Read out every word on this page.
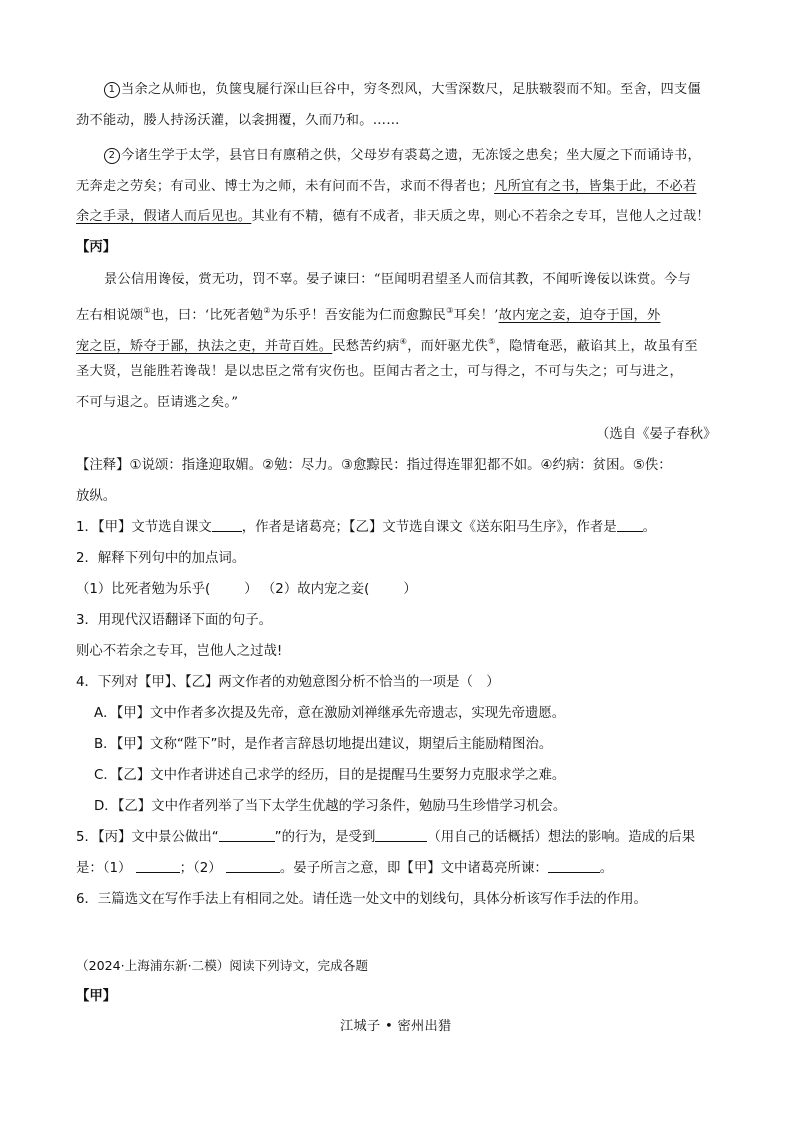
1 当余之从师也，负箧曳屣行深山巨谷中，穷冬烈风，大雪深数尺，足肤皲裂而不知。至舍，四支僵
劲不能动，媵人持汤沃灌，以衾拥覆，久而乃和。……
2 今诸生学于太学，县官日有廪稍之供，父母岁有裘葛之遗，无冻馁之患矣；坐大厦之下而诵诗书，
无奔走之劳矣；有司业、博士为之师，未有问而不告，求而不得者也；凡所宜有之书，皆集于此，不必若
余之手录，假诸人而后见也。其业有不精，德有不成者，非天质之卑，则心不若余之专耳，岂他人之过哉！
【丙】
景公信用谗佞，赏无功，罚不辜。晏子谏曰：“臣闻明君望圣人而信其教，不闻听谗佞以诛赏。今与
左右相说颂①也，曰：‘比死者勉②为乐乎！吾安能为仁而愈黥民③耳矣！’故内宠之妾，迫夺于国，外
宠之臣，矫夺于鄙，执法之吏，并苛百姓。民愁苦约病④，而奸驱尤佚⑤，隐情奄恶，蔽谄其上，故虽有至
圣大贤，岂能胜若谗哉！是以忠臣之常有灾伤也。臣闻古者之士，可与得之，不可与失之；可与进之，
不可与退之。臣请逃之矣。”
（选自《晏子春秋》
【注释】①说颂：指逢迎取媚。②勉：尽力。③愈黥民：指过得连罪犯都不如。④约病：贫困。⑤佚：
放纵。
1．【甲】文节选自课文 ，作者是诸葛亮；【乙】文节选自课文《送东阳马生序》，作者是 。
2．解释下列句中的加点词。
（1）比死者勉为乐乎(	） （2）故内宠之妾(	）
3．用现代汉语翻译下面的句子。
则心不若余之专耳，岂他人之过哉!
4．下列对【甲】、【乙】两文作者的劝勉意图分析不恰当的一项是（　）
A．【甲】文中作者多次提及先帝，意在激励刘禅继承先帝遗志，实现先帝遗愿。
B．【甲】文称“陛下”时，是作者言辞恳切地提出建议，期望后主能励精图治。
C．【乙】文中作者讲述自己求学的经历，目的是提醒马生要努力克服求学之难。
D．【乙】文中作者列举了当下太学生优越的学习条件，勉励马生珍惜学习机会。
5．【丙】文中景公做出“	”的行为，是受到	（用自己的话概括）想法的影响。造成的后果
是：（1）	；（2）	。晏子所言之意，即【甲】文中诸葛亮所谏：	。
6．三篇选文在写作手法上有相同之处。请任选一处文中的划线句，具体分析该写作手法的作用。
（2024·上海浦东新·二模）阅读下列诗文，完成各题
【甲】
江城子 • 密州出猎
